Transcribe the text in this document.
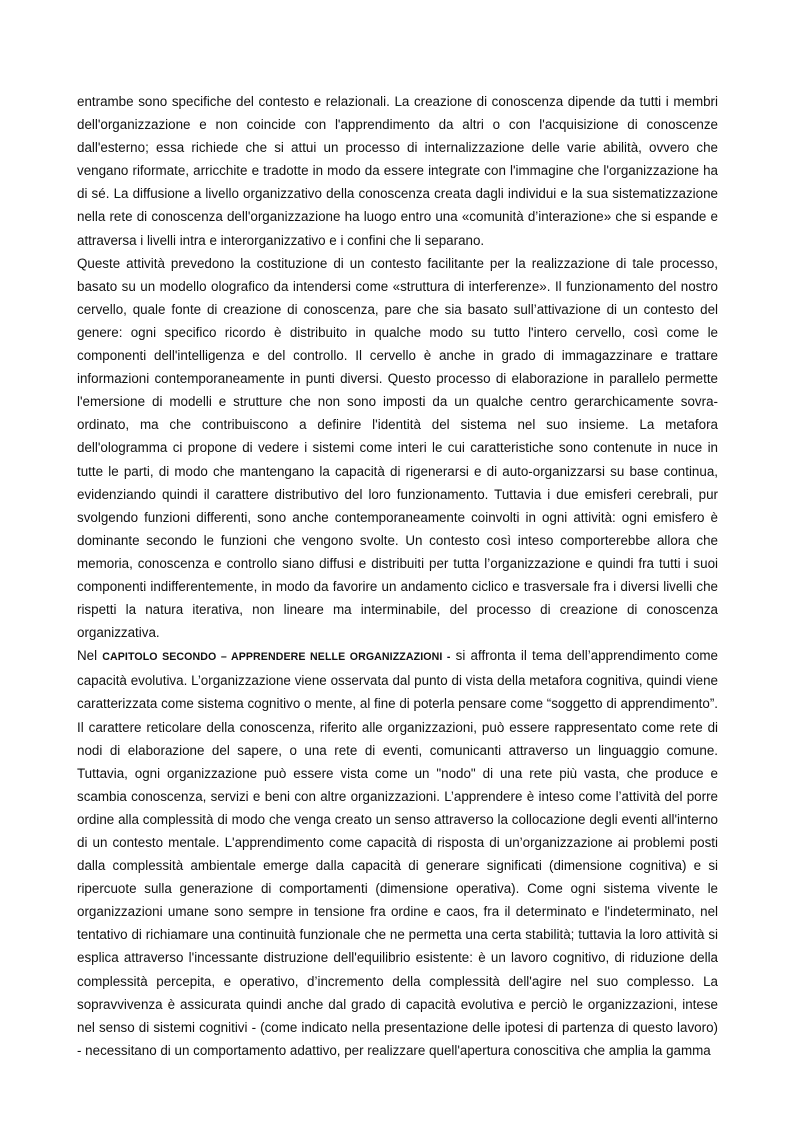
entrambe sono specifiche del contesto e relazionali. La creazione di conoscenza dipende da tutti i membri dell'organizzazione e non coincide con l'apprendimento da altri o con l'acquisizione di conoscenze dall'esterno; essa richiede che si attui un processo di internalizzazione delle varie abilità, ovvero che vengano riformate, arricchite e tradotte in modo da essere integrate con l'immagine che l'organizzazione ha di sé. La diffusione a livello organizzativo della conoscenza creata dagli individui e la sua sistematizzazione nella rete di conoscenza dell'organizzazione ha luogo entro una «comunità d’interazione» che si espande e attraversa i livelli intra e interorganizzativo e i confini che li separano.

Queste attività prevedono la costituzione di un contesto facilitante per la realizzazione di tale processo, basato su un modello olografico da intendersi come «struttura di interferenze». Il funzionamento del nostro cervello, quale fonte di creazione di conoscenza, pare che sia basato sull’attivazione di un contesto del genere: ogni specifico ricordo è distribuito in qualche modo su tutto l'intero cervello, così come le componenti dell'intelligenza e del controllo. Il cervello è anche in grado di immagazzinare e trattare informazioni contemporaneamente in punti diversi. Questo processo di elaborazione in parallelo permette l'emersione di modelli e strutture che non sono imposti da un qualche centro gerarchicamente sovra-ordinato, ma che contribuiscono a definire l'identità del sistema nel suo insieme. La metafora dell'ologramma ci propone di vedere i sistemi come interi le cui caratteristiche sono contenute in nuce in tutte le parti, di modo che mantengano la capacità di rigenerarsi e di auto-organizzarsi su base continua, evidenziando quindi il carattere distributivo del loro funzionamento. Tuttavia i due emisferi cerebrali, pur svolgendo funzioni differenti, sono anche contemporaneamente coinvolti in ogni attività: ogni emisfero è dominante secondo le funzioni che vengono svolte. Un contesto così inteso comporterebbe allora che memoria, conoscenza e controllo siano diffusi e distribuiti per tutta l’organizzazione e quindi fra tutti i suoi componenti indifferentemente, in modo da favorire un andamento ciclico e trasversale fra i diversi livelli che rispetti la natura iterativa, non lineare ma interminabile, del processo di creazione di conoscenza organizzativa.

Nel CAPITOLO SECONDO – APPRENDERE NELLE ORGANIZZAZIONI - si affronta il tema dell’apprendimento come capacità evolutiva. L’organizzazione viene osservata dal punto di vista della metafora cognitiva, quindi viene caratterizzata come sistema cognitivo o mente, al fine di poterla pensare come “soggetto di apprendimento”. Il carattere reticolare della conoscenza, riferito alle organizzazioni, può essere rappresentato come rete di nodi di elaborazione del sapere, o una rete di eventi, comunicanti attraverso un linguaggio comune. Tuttavia, ogni organizzazione può essere vista come un "nodo" di una rete più vasta, che produce e scambia conoscenza, servizi e beni con altre organizzazioni. L’apprendere è inteso come l’attività del porre ordine alla complessità di modo che venga creato un senso attraverso la collocazione degli eventi all'interno di un contesto mentale. L'apprendimento come capacità di risposta di un’organizzazione ai problemi posti dalla complessità ambientale emerge dalla capacità di generare significati (dimensione cognitiva) e si ripercuote sulla generazione di comportamenti (dimensione operativa). Come ogni sistema vivente le organizzazioni umane sono sempre in tensione fra ordine e caos, fra il determinato e l'indeterminato, nel tentativo di richiamare una continuità funzionale che ne permetta una certa stabilità; tuttavia la loro attività si esplica attraverso l'incessante distruzione dell'equilibrio esistente: è un lavoro cognitivo, di riduzione della complessità percepita, e operativo, d’incremento della complessità dell'agire nel suo complesso. La sopravvivenza è assicurata quindi anche dal grado di capacità evolutiva e perciò le organizzazioni, intese nel senso di sistemi cognitivi - (come indicato nella presentazione delle ipotesi di partenza di questo lavoro) - necessitano di un comportamento adattivo, per realizzare quell'apertura conoscitiva che amplia la gamma
